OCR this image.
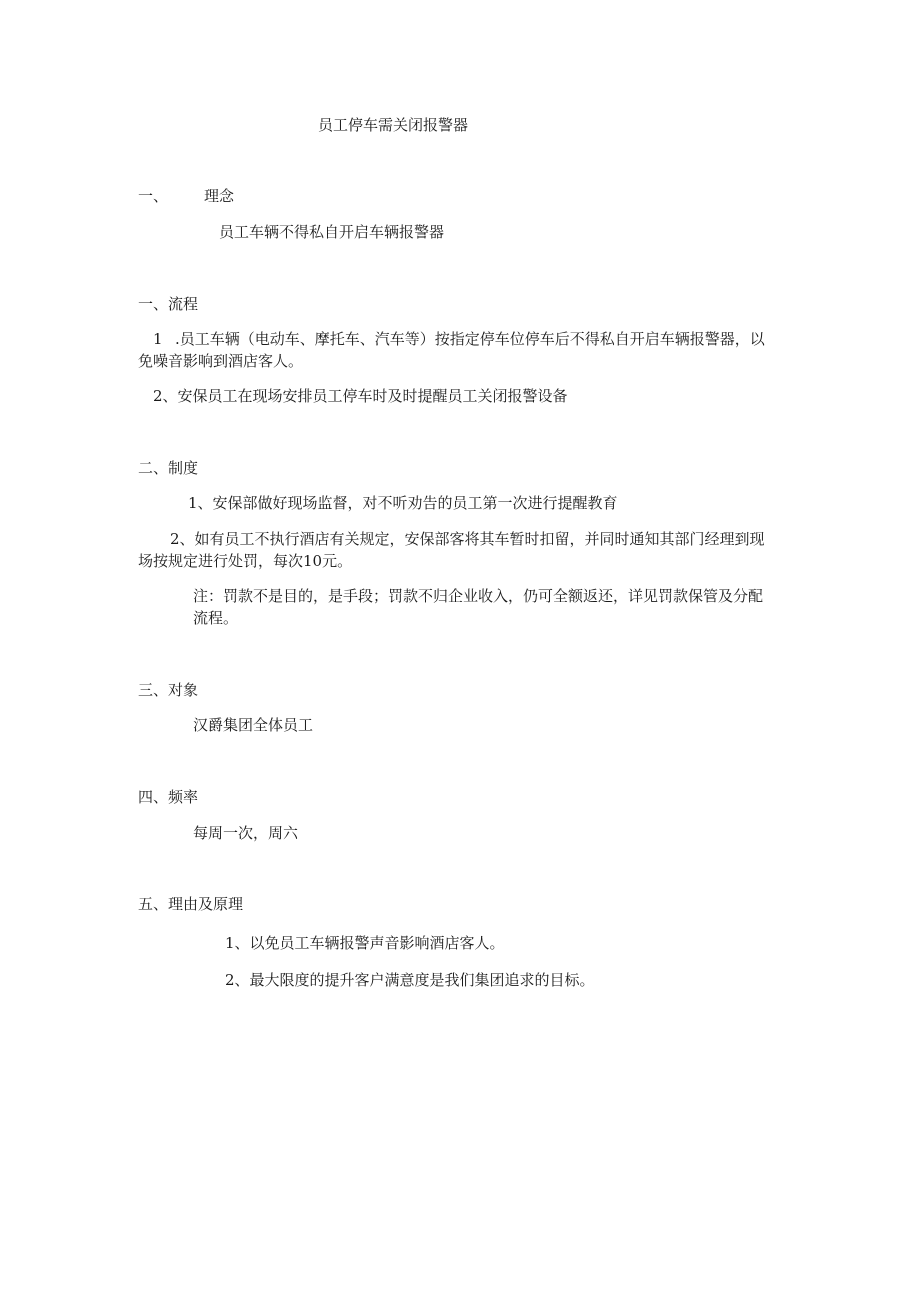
员工停车需关闭报警器
一、 理念
员工车辆不得私自开启车辆报警器
一、流程
1 .员工车辆（电动车、摩托车、汽车等）按指定停车位停车后不得私自开启车辆报警器，以
免噪音影响到酒店客人。
2、安保员工在现场安排员工停车时及时提醒员工关闭报警设备
二、制度
1、安保部做好现场监督，对不听劝告的员工第一次进行提醒教育
2、如有员工不执行酒店有关规定，安保部客将其车暂时扣留，并同时通知其部门经理到现
场按规定进行处罚，每次10元。
注：罚款不是目的，是手段；罚款不归企业收入，仍可全额返还，详见罚款保管及分配
流程。
三、对象
汉爵集团全体员工
四、频率
每周一次，周六
五、理由及原理
1、以免员工车辆报警声音影响酒店客人。
2、最大限度的提升客户满意度是我们集团追求的目标。
